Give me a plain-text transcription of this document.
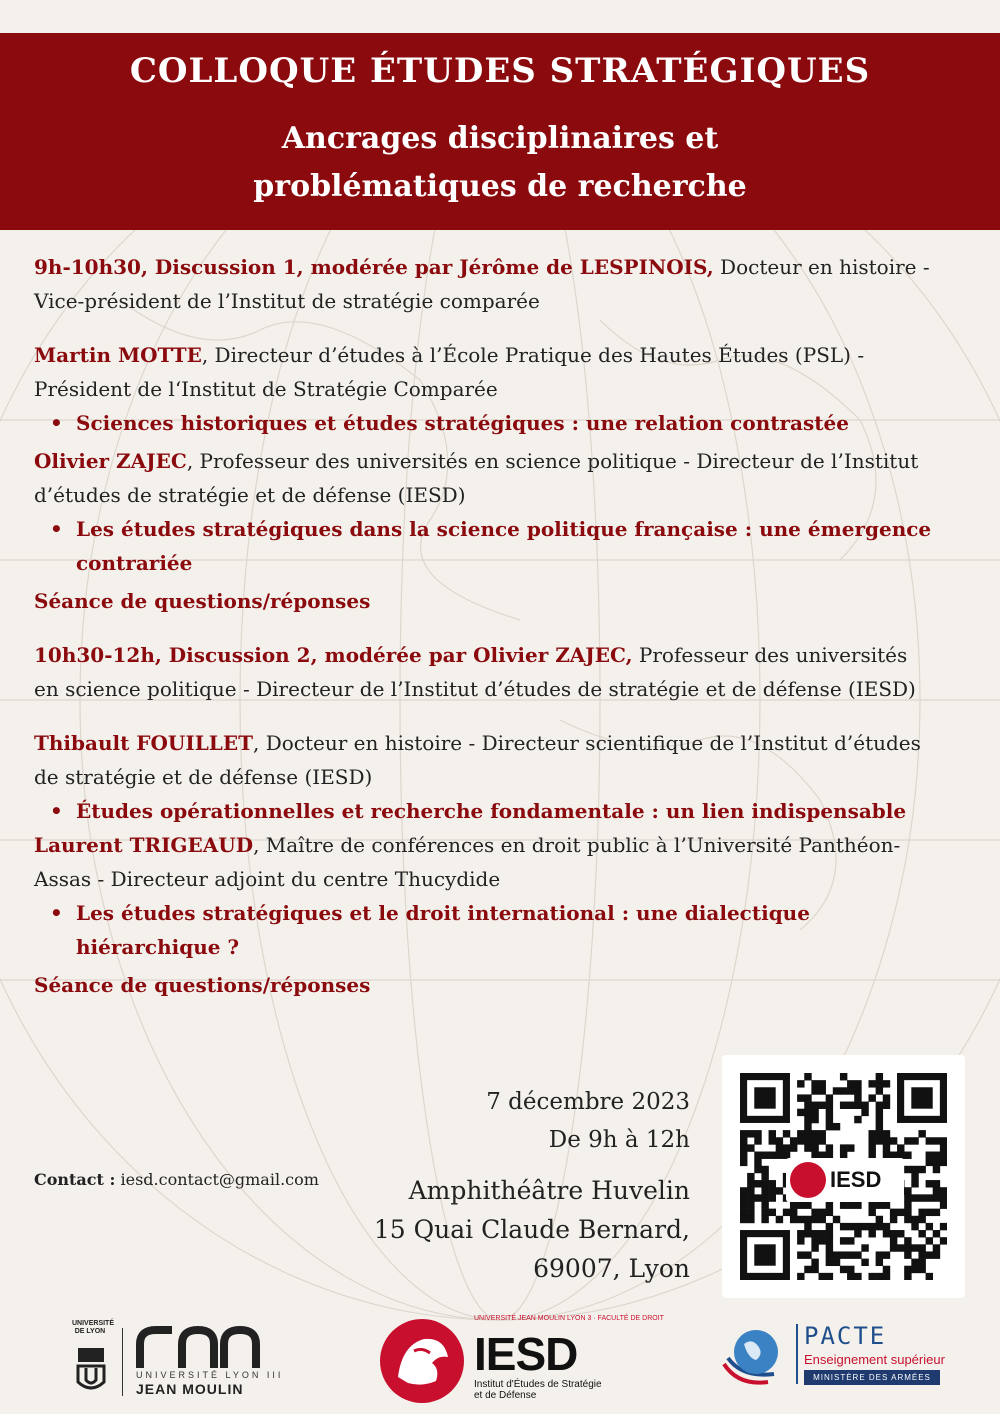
COLLOQUE ÉTUDES STRATÉGIQUES
Ancrages disciplinaires et
problématiques de recherche

9h-10h30, Discussion 1, modérée par Jérôme de LESPINOIS, Docteur en histoire - Vice-président de l’Institut de stratégie comparée

Martin MOTTE, Directeur d’études à l’École Pratique des Hautes Études (PSL) - Président de l‘Institut de Stratégie Comparée

• Sciences historiques et études stratégiques : une relation contrastée

Olivier ZAJEC, Professeur des universités en science politique - Directeur de l’Institut d’études de stratégie et de défense (IESD)

• Les études stratégiques dans la science politique française : une émergence contrariée

Séance de questions/réponses

10h30-12h, Discussion 2, modérée par Olivier ZAJEC, Professeur des universités en science politique - Directeur de l’Institut d’études de stratégie et de défense (IESD)

Thibault FOUILLET, Docteur en histoire - Directeur scientifique de l’Institut d’études de stratégie et de défense (IESD)

• Études opérationnelles et recherche fondamentale : un lien indispensable

Laurent TRIGEAUD, Maître de conférences en droit public à l’Université Panthéon-Assas - Directeur adjoint du centre Thucydide

• Les études stratégiques et le droit international : une dialectique hiérarchique ?

Séance de questions/réponses

Contact : iesd.contact@gmail.com
7 décembre 2023
De 9h à 12h
Amphithéâtre Huvelin
15 Quai Claude Bernard,
69007, Lyon
IESD
UNIVERSITÉ DE LYON
UNIVERSITÉ LYON III
JEAN MOULIN
UNIVERSITÉ JEAN MOULIN LYON 3 · FACULTÉ DE DROIT
IESD
Institut d'Études de Stratégie
et de Défense
PACTE
Enseignement supérieur
MINISTÈRE DES ARMÉES
